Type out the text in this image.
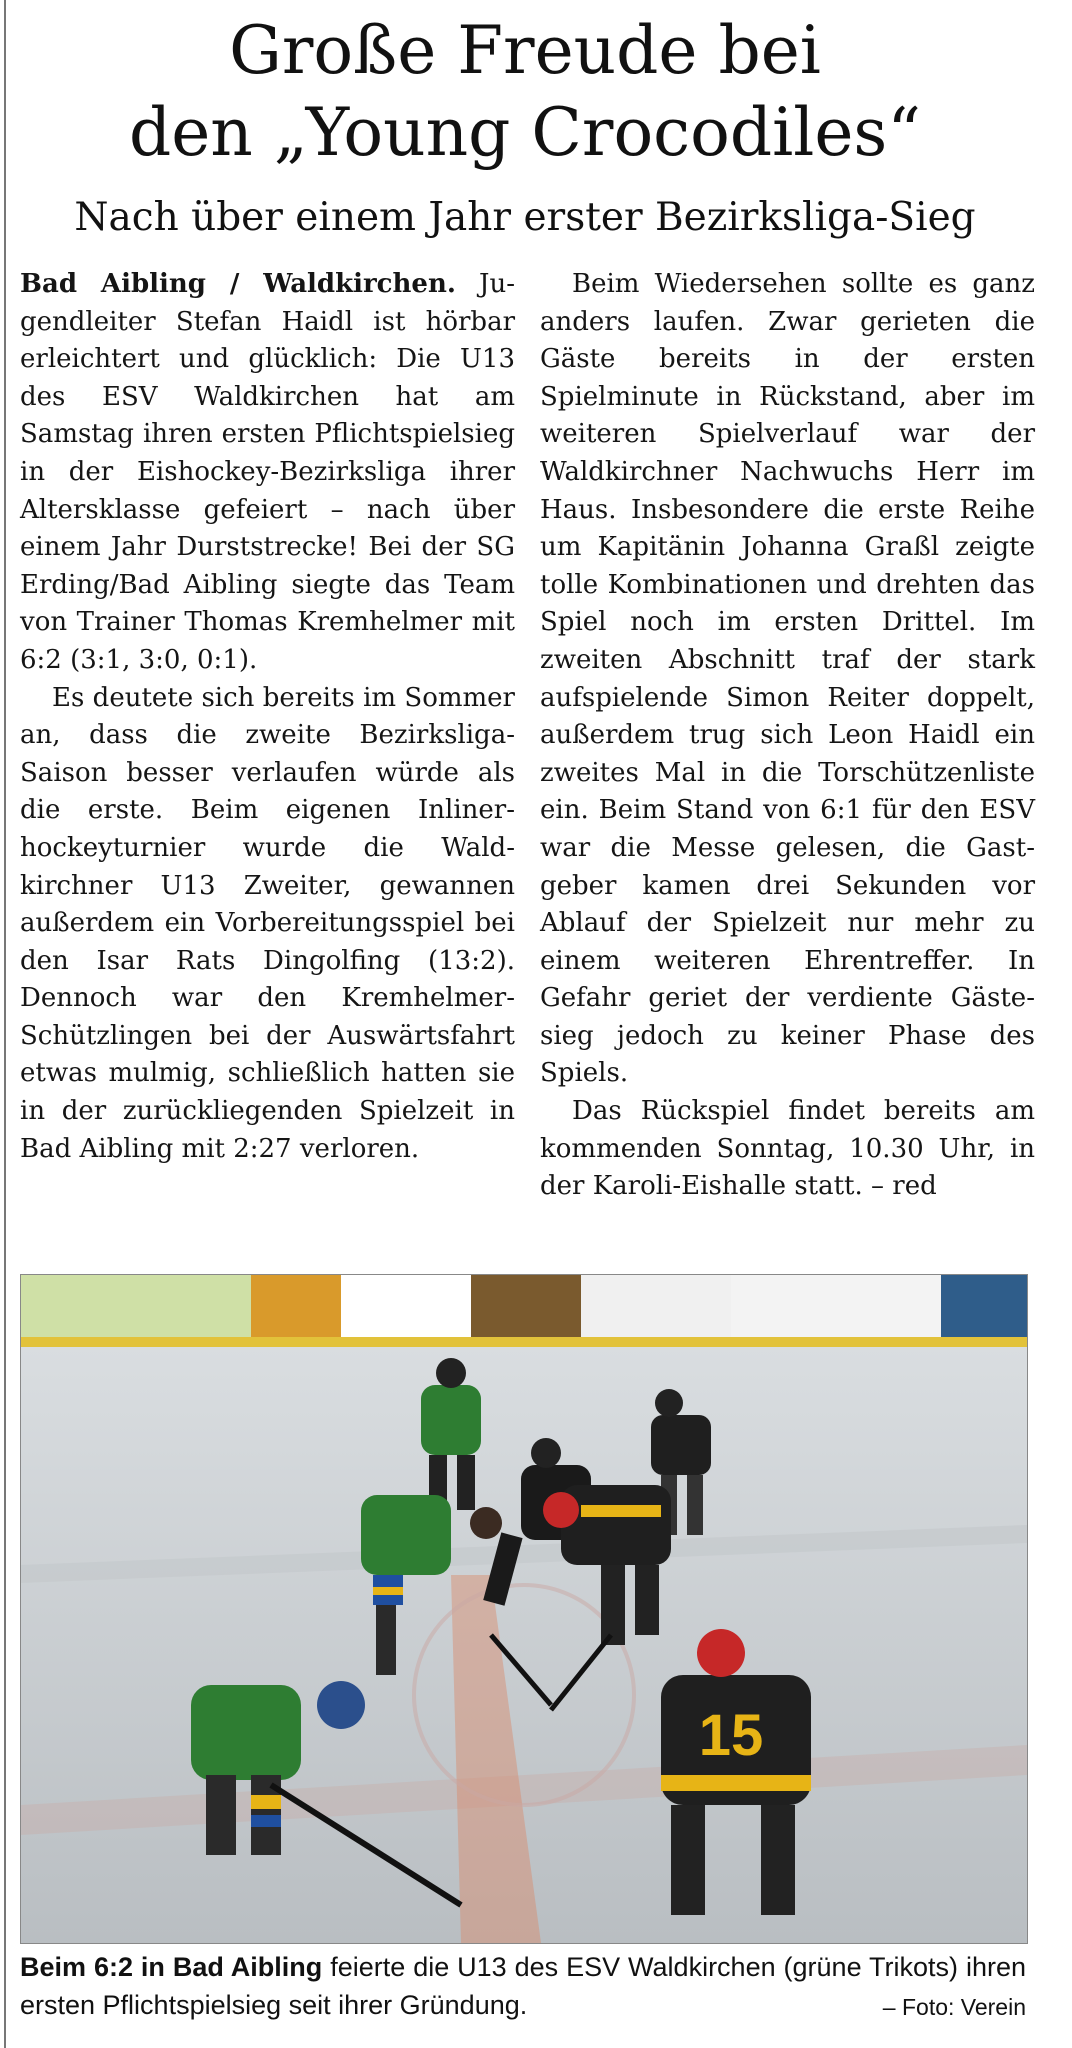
Große Freude bei
den „Young Crocodiles“
Nach über einem Jahr erster Bezirksliga-Sieg

Bad Aibling / Waldkirchen. Jugendleiter Stefan Haidl ist hörbar erleichtert und glücklich: Die U13 des ESV Waldkirchen hat am Samstag ihren ersten Pflichtspielsieg in der Eishockey-Bezirksliga ihrer Altersklasse gefeiert – nach über einem Jahr Durststrecke! Bei der SG Erding/Bad Aibling siegte das Team von Trainer Thomas Kremhelmer mit 6:2 (3:1, 3:0, 0:1).

Es deutete sich bereits im Sommer an, dass die zweite Bezirksliga-Saison besser verlaufen würde als die erste. Beim eigenen Inlinerhockeyturnier wurde die Waldkirchner U13 Zweiter, gewannen außerdem ein Vorbereitungsspiel bei den Isar Rats Dingolfing (13:2). Dennoch war den Kremhelmer-Schützlingen bei der Auswärtsfahrt etwas mulmig, schließlich hatten sie in der zurückliegenden Spielzeit in Bad Aibling mit 2:27 verloren.

Beim Wiedersehen sollte es ganz anders laufen. Zwar gerieten die Gäste bereits in der ersten Spielminute in Rückstand, aber im weiteren Spielverlauf war der Waldkirchner Nachwuchs Herr im Haus. Insbesondere die erste Reihe um Kapitänin Johanna Graßl zeigte tolle Kombinationen und drehten das Spiel noch im ersten Drittel. Im zweiten Abschnitt traf der stark aufspielende Simon Reiter doppelt, außerdem trug sich Leon Haidl ein zweites Mal in die Torschützenliste ein. Beim Stand von 6:1 für den ESV war die Messe gelesen, die Gastgeber kamen drei Sekunden vor Ablauf der Spielzeit nur mehr zu einem weiteren Ehrentreffer. In Gefahr geriet der verdiente Gästesieg jedoch zu keiner Phase des Spiels.

Das Rückspiel findet bereits am kommenden Sonntag, 10.30 Uhr, in der Karoli-Eishalle statt. – red

15
Beim 6:2 in Bad Aibling feierte die U13 des ESV Waldkirchen (grüne Trikots) ihren ersten Pflichtspielsieg seit ihrer Gründung.	– Foto: Verein
